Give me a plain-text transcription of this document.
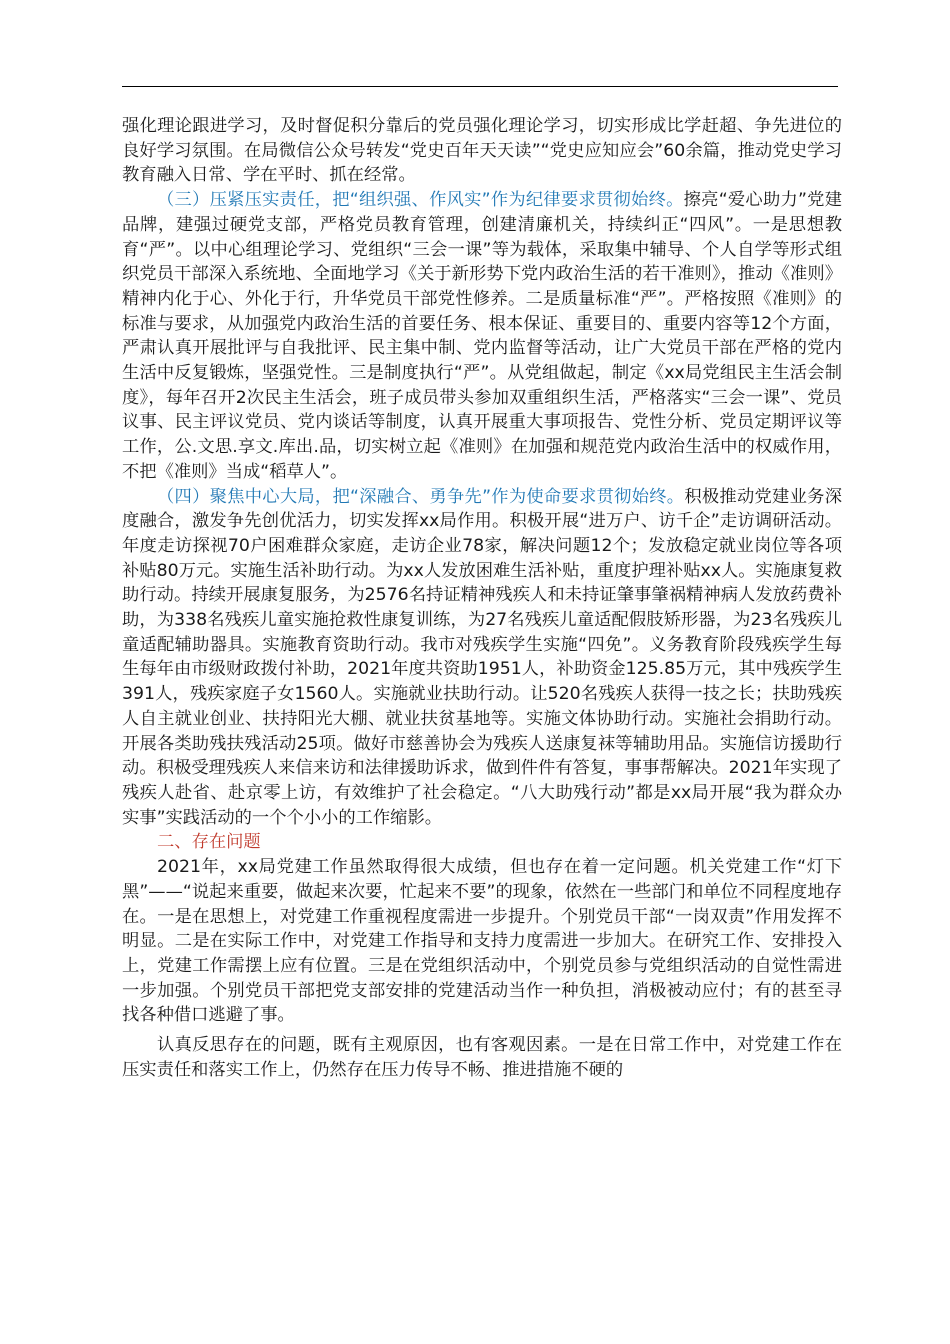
强化理论跟进学习，及时督促积分靠后的党员强化理论学习，切实形成比学赶超、争先进位的良好学习氛围。在局微信公众号转发“党史百年天天读”“党史应知应会”60余篇，推动党史学习教育融入日常、学在平时、抓在经常。

（三）压紧压实责任，把“组织强、作风实”作为纪律要求贯彻始终。擦亮“爱心助力”党建品牌，建强过硬党支部，严格党员教育管理，创建清廉机关，持续纠正“四风”。一是思想教育“严”。以中心组理论学习、党组织“三会一课”等为载体，采取集中辅导、个人自学等形式组织党员干部深入系统地、全面地学习《关于新形势下党内政治生活的若干准则》，推动《准则》精神内化于心、外化于行，升华党员干部党性修养。二是质量标准“严”。严格按照《准则》的标准与要求，从加强党内政治生活的首要任务、根本保证、重要目的、重要内容等12个方面，严肃认真开展批评与自我批评、民主集中制、党内监督等活动，让广大党员干部在严格的党内生活中反复锻炼，坚强党性。三是制度执行“严”。从党组做起，制定《xx局党组民主生活会制度》，每年召开2次民主生活会，班子成员带头参加双重组织生活，严格落实“三会一课”、党员议事、民主评议党员、党内谈话等制度，认真开展重大事项报告、党性分析、党员定期评议等工作，公.文思.享文.库出.品，切实树立起《准则》在加强和规范党内政治生活中的权威作用，不把《准则》当成“稻草人”。

（四）聚焦中心大局，把“深融合、勇争先”作为使命要求贯彻始终。积极推动党建业务深度融合，激发争先创优活力，切实发挥xx局作用。积极开展“进万户、访千企”走访调研活动。年度走访探视70户困难群众家庭，走访企业78家，解决问题12个；发放稳定就业岗位等各项补贴80万元。实施生活补助行动。为xx人发放困难生活补贴，重度护理补贴xx人。实施康复救助行动。持续开展康复服务，为2576名持证精神残疾人和未持证肇事肇祸精神病人发放药费补助，为338名残疾儿童实施抢救性康复训练，为27名残疾儿童适配假肢矫形器，为23名残疾儿童适配辅助器具。实施教育资助行动。我市对残疾学生实施“四免”。义务教育阶段残疾学生每生每年由市级财政拨付补助，2021年度共资助1951人，补助资金125.85万元，其中残疾学生391人，残疾家庭子女1560人。实施就业扶助行动。让520名残疾人获得一技之长；扶助残疾人自主就业创业、扶持阳光大棚、就业扶贫基地等。实施文体协助行动。实施社会捐助行动。开展各类助残扶残活动25项。做好市慈善协会为残疾人送康复袜等辅助用品。实施信访援助行动。积极受理残疾人来信来访和法律援助诉求，做到件件有答复，事事帮解决。2021年实现了残疾人赴省、赴京零上访，有效维护了社会稳定。“八大助残行动”都是xx局开展“我为群众办实事”实践活动的一个个小小的工作缩影。

二、存在问题

2021年，xx局党建工作虽然取得很大成绩，但也存在着一定问题。机关党建工作“灯下黑”——“说起来重要，做起来次要，忙起来不要”的现象，依然在一些部门和单位不同程度地存在。一是在思想上，对党建工作重视程度需进一步提升。个别党员干部“一岗双责”作用发挥不明显。二是在实际工作中，对党建工作指导和支持力度需进一步加大。在研究工作、安排投入上，党建工作需摆上应有位置。三是在党组织活动中，个别党员参与党组织活动的自觉性需进一步加强。个别党员干部把党支部安排的党建活动当作一种负担，消极被动应付；有的甚至寻找各种借口逃避了事。

认真反思存在的问题，既有主观原因，也有客观因素。一是在日常工作中，对党建工作在压实责任和落实工作上，仍然存在压力传导不畅、推进措施不硬的
